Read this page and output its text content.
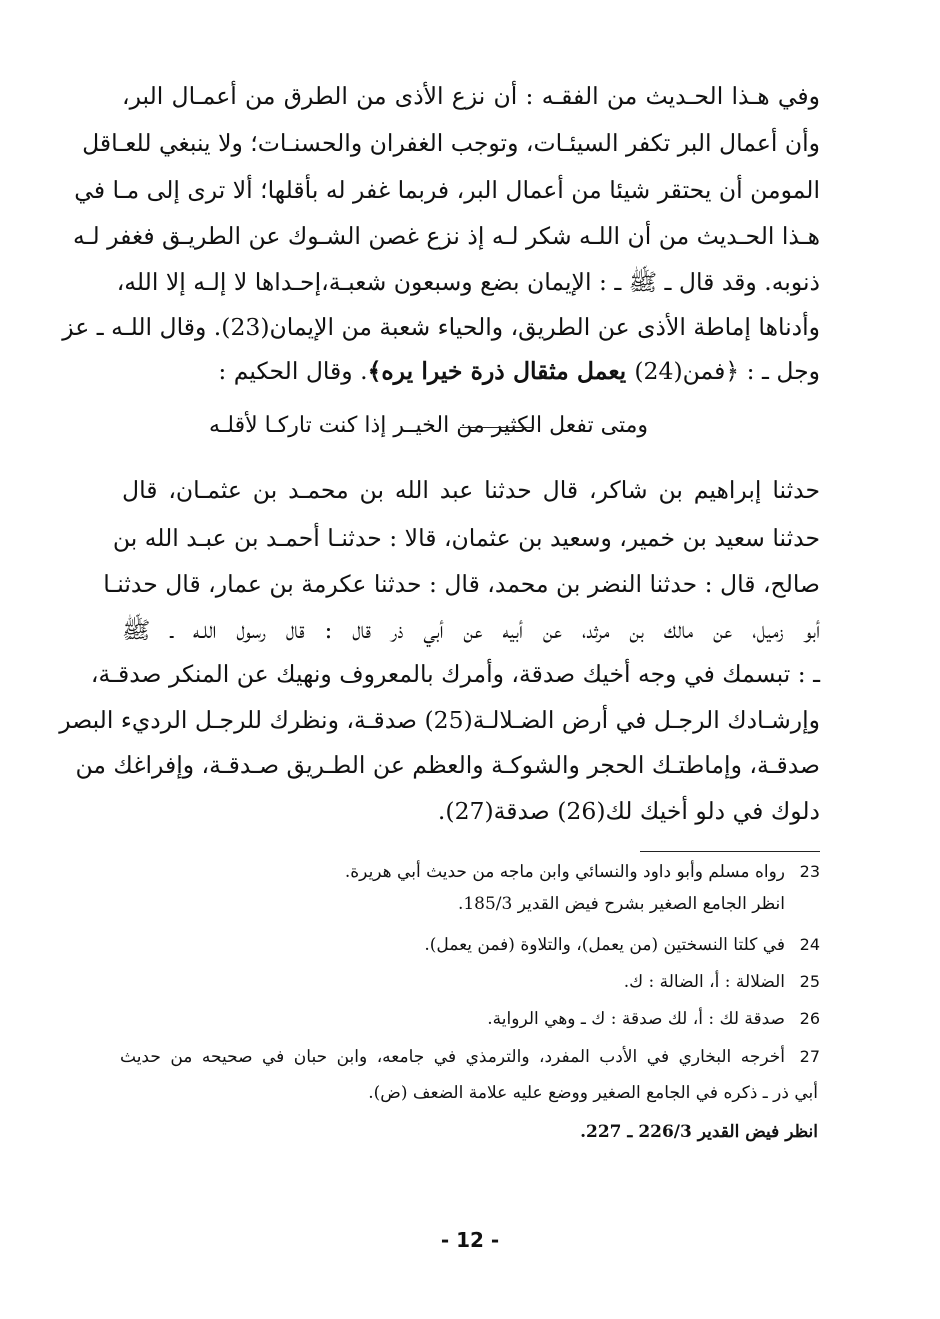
وفي هـذا الحـديث من الفقـه : أن نزع الأذى من الطرق من أعمـال البر،
وأن أعمال البر تكفر السيئـات، وتوجب الغفران والحسنـات؛ ولا ينبغي للعـاقل
المومن أن يحتقر شيئا من أعمال البر، فربما غفر له بأقلها؛ ألا ترى إلى مـا في
هـذا الحـديث من أن اللـه شكر لـه إذ نزع غصن الشـوك عن الطريـق فغفر لـه
ذنوبه. وقد قال ـ ﷺ ـ : الإيمان بضع وسبعون شعبـة،إحـداها لا إلـه إلا الله،
وأدناها إماطة الأذى عن الطريق، والحياء شعبة من الإيمان(23). وقال اللـه ـ عز
وجل ـ : ﴿فمن(24) يعمل مثقال ذرة خيرا يره﴾. وقال الحكيم :
ومتى تفعل الكثير من الخيـ
ـر إذا كنت تاركـا لأقلـه
حدثنا إبراهيم بن شاكر، قال حدثنا عبد الله بن محمـد بن عثمـان، قال
حدثنا سعيد بن خمير، وسعيد بن عثمان، قالا : حدثنـا أحمـد بن عبـد الله بن
صالح، قال : حدثنا النضر بن محمد، قال : حدثنا عكرمة بن عمار، قال حدثنـا
أبو زميل، عن مالك بن مرثد، عن أبيه عن أبي ذر قال : قال رسول اللـه ـ ﷺ
ـ : تبسمك في وجه أخيك صدقة، وأمرك بالمعروف ونهيك عن المنكر صدقـة،
وإرشـادك الرجـل في أرض الضـلالـة(25) صدقـة، ونظرك للرجـل الرديء البصر
صدقـة، وإماطتـك الحجر والشوكـة والعظم عن الطـريق صـدقـة، وإفراغك من
دلوك في دلو أخيك لك(26) صدقة(27).
23
رواه مسلم وأبو داود والنسائي وابن ماجه من حديث أبي هريرة.
انظر الجامع الصغير بشرح فيض القدير 185/3.
24
في كلتا النسختين (من يعمل)، والتلاوة (فمن يعمل).
25
الضلالة : أ، الضالة : ك.
26
صدقة لك : أ، لك صدقة : ك ـ وهي الرواية.
27
أخرجه البخاري في الأدب المفرد، والترمذي في جامعه، وابن حبان في صحيحه من حديث
أبي ذر ـ ذكره في الجامع الصغير ووضع عليه علامة الضعف (ض).
انظر فيض القدير 226/3 ـ 227.
- 12 -
